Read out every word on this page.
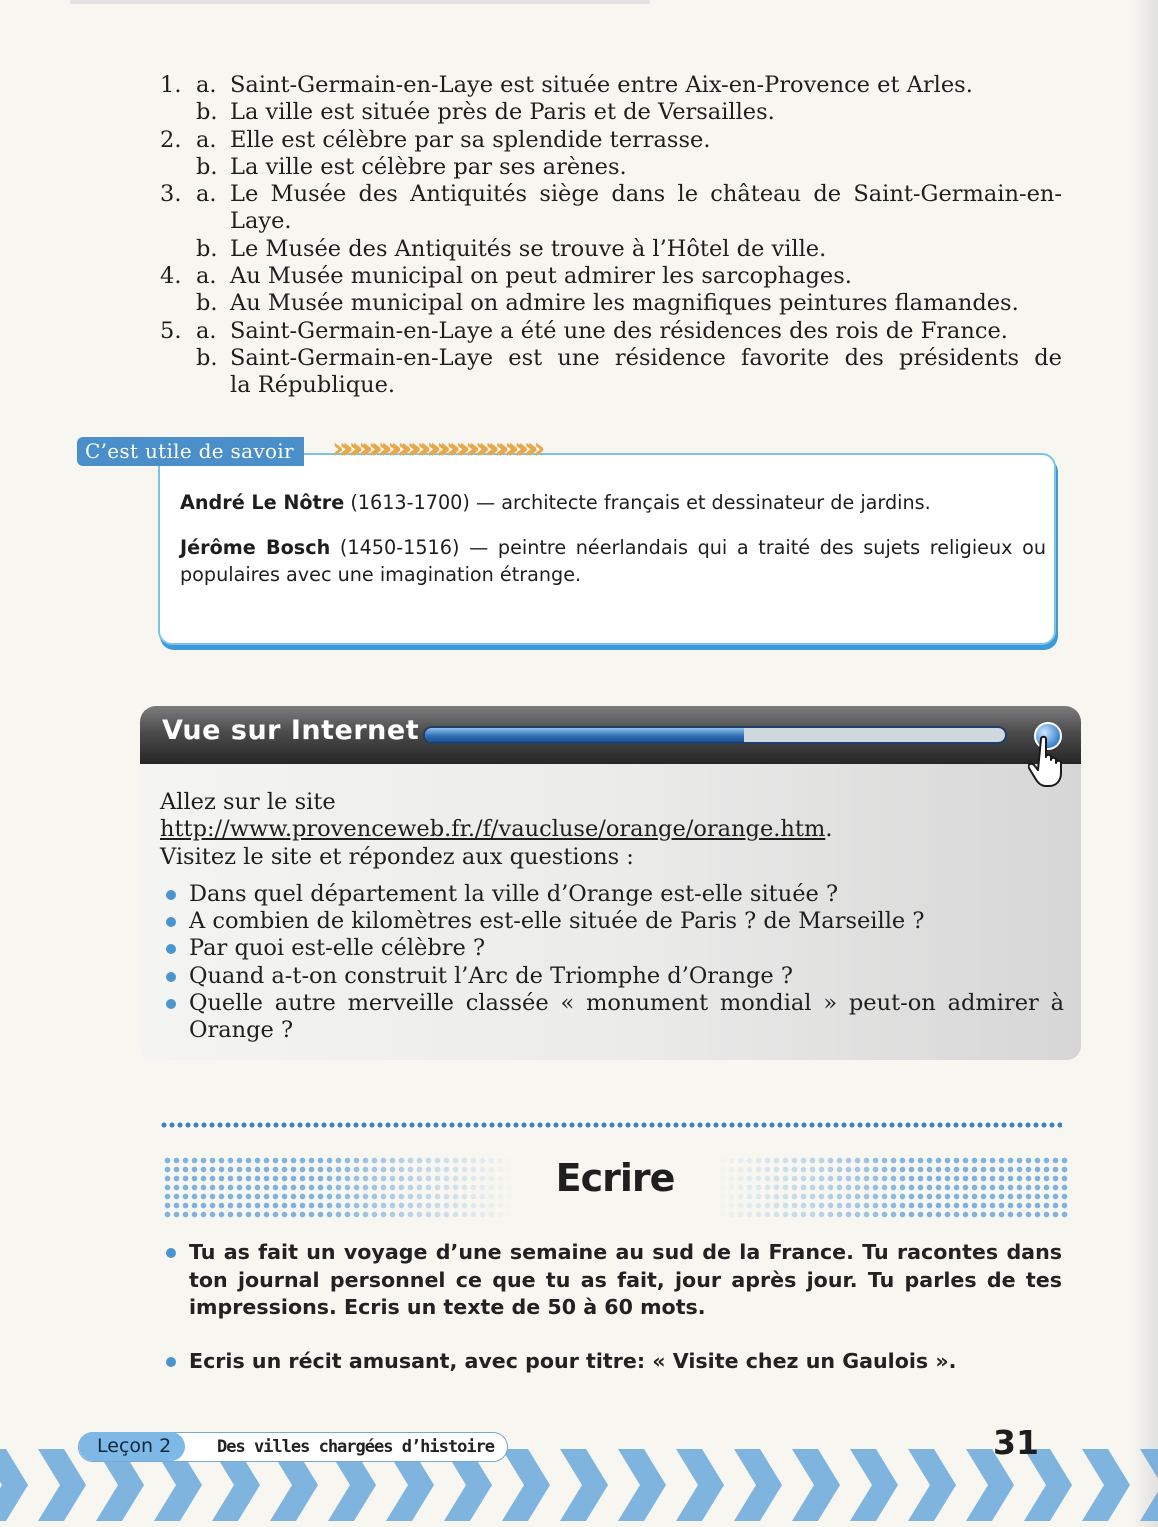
1. a. Saint-Germain-en-Laye est située entre Aix-en-Provence et Arles.
b. La ville est située près de Paris et de Versailles.
2. a. Elle est célèbre par sa splendide terrasse.
b. La ville est célèbre par ses arènes.
3. a. Le Musée des Antiquités siège dans le château de Saint-Germain-en-
Laye.
b. Le Musée des Antiquités se trouve à l’Hôtel de ville.
4. a. Au Musée municipal on peut admirer les sarcophages.
b. Au Musée municipal on admire les magnifiques peintures flamandes.
5. a. Saint-Germain-en-Laye a été une des résidences des rois de France.
b. Saint-Germain-en-Laye est une résidence favorite des présidents de
la République.
André Le Nôtre (1613-1700) — architecte français et dessinateur de jardins.
Jérôme Bosch (1450-1516) — peintre néerlandais qui a traité des sujets religieux ou populaires avec une imagination étrange.
C’est utile de savoir	»»»»»»»»»»»»»»»»»»»»»
Vue sur Internet
Allez sur le site
http://www.provenceweb.fr./f/vaucluse/orange/orange.htm.
Visitez le site et répondez aux questions :
Dans quel département la ville d’Orange est-elle située ?
A combien de kilomètres est-elle située de Paris ? de Marseille ?
Par quoi est-elle célèbre ?
Quand a-t-on construit l’Arc de Triomphe d’Orange ?
Quelle autre merveille classée « monument mondial » peut-on admirer à Orange ?
Ecrire
Tu as fait un voyage d’une semaine au sud de la France. Tu racontes dans ton journal personnel ce que tu as fait, jour après jour. Tu parles de tes impressions. Ecris un texte de 50 à 60 mots.
Ecris un récit amusant, avec pour titre: « Visite chez un Gaulois ».
Leçon 2	Des villes chargées d’histoire	31
